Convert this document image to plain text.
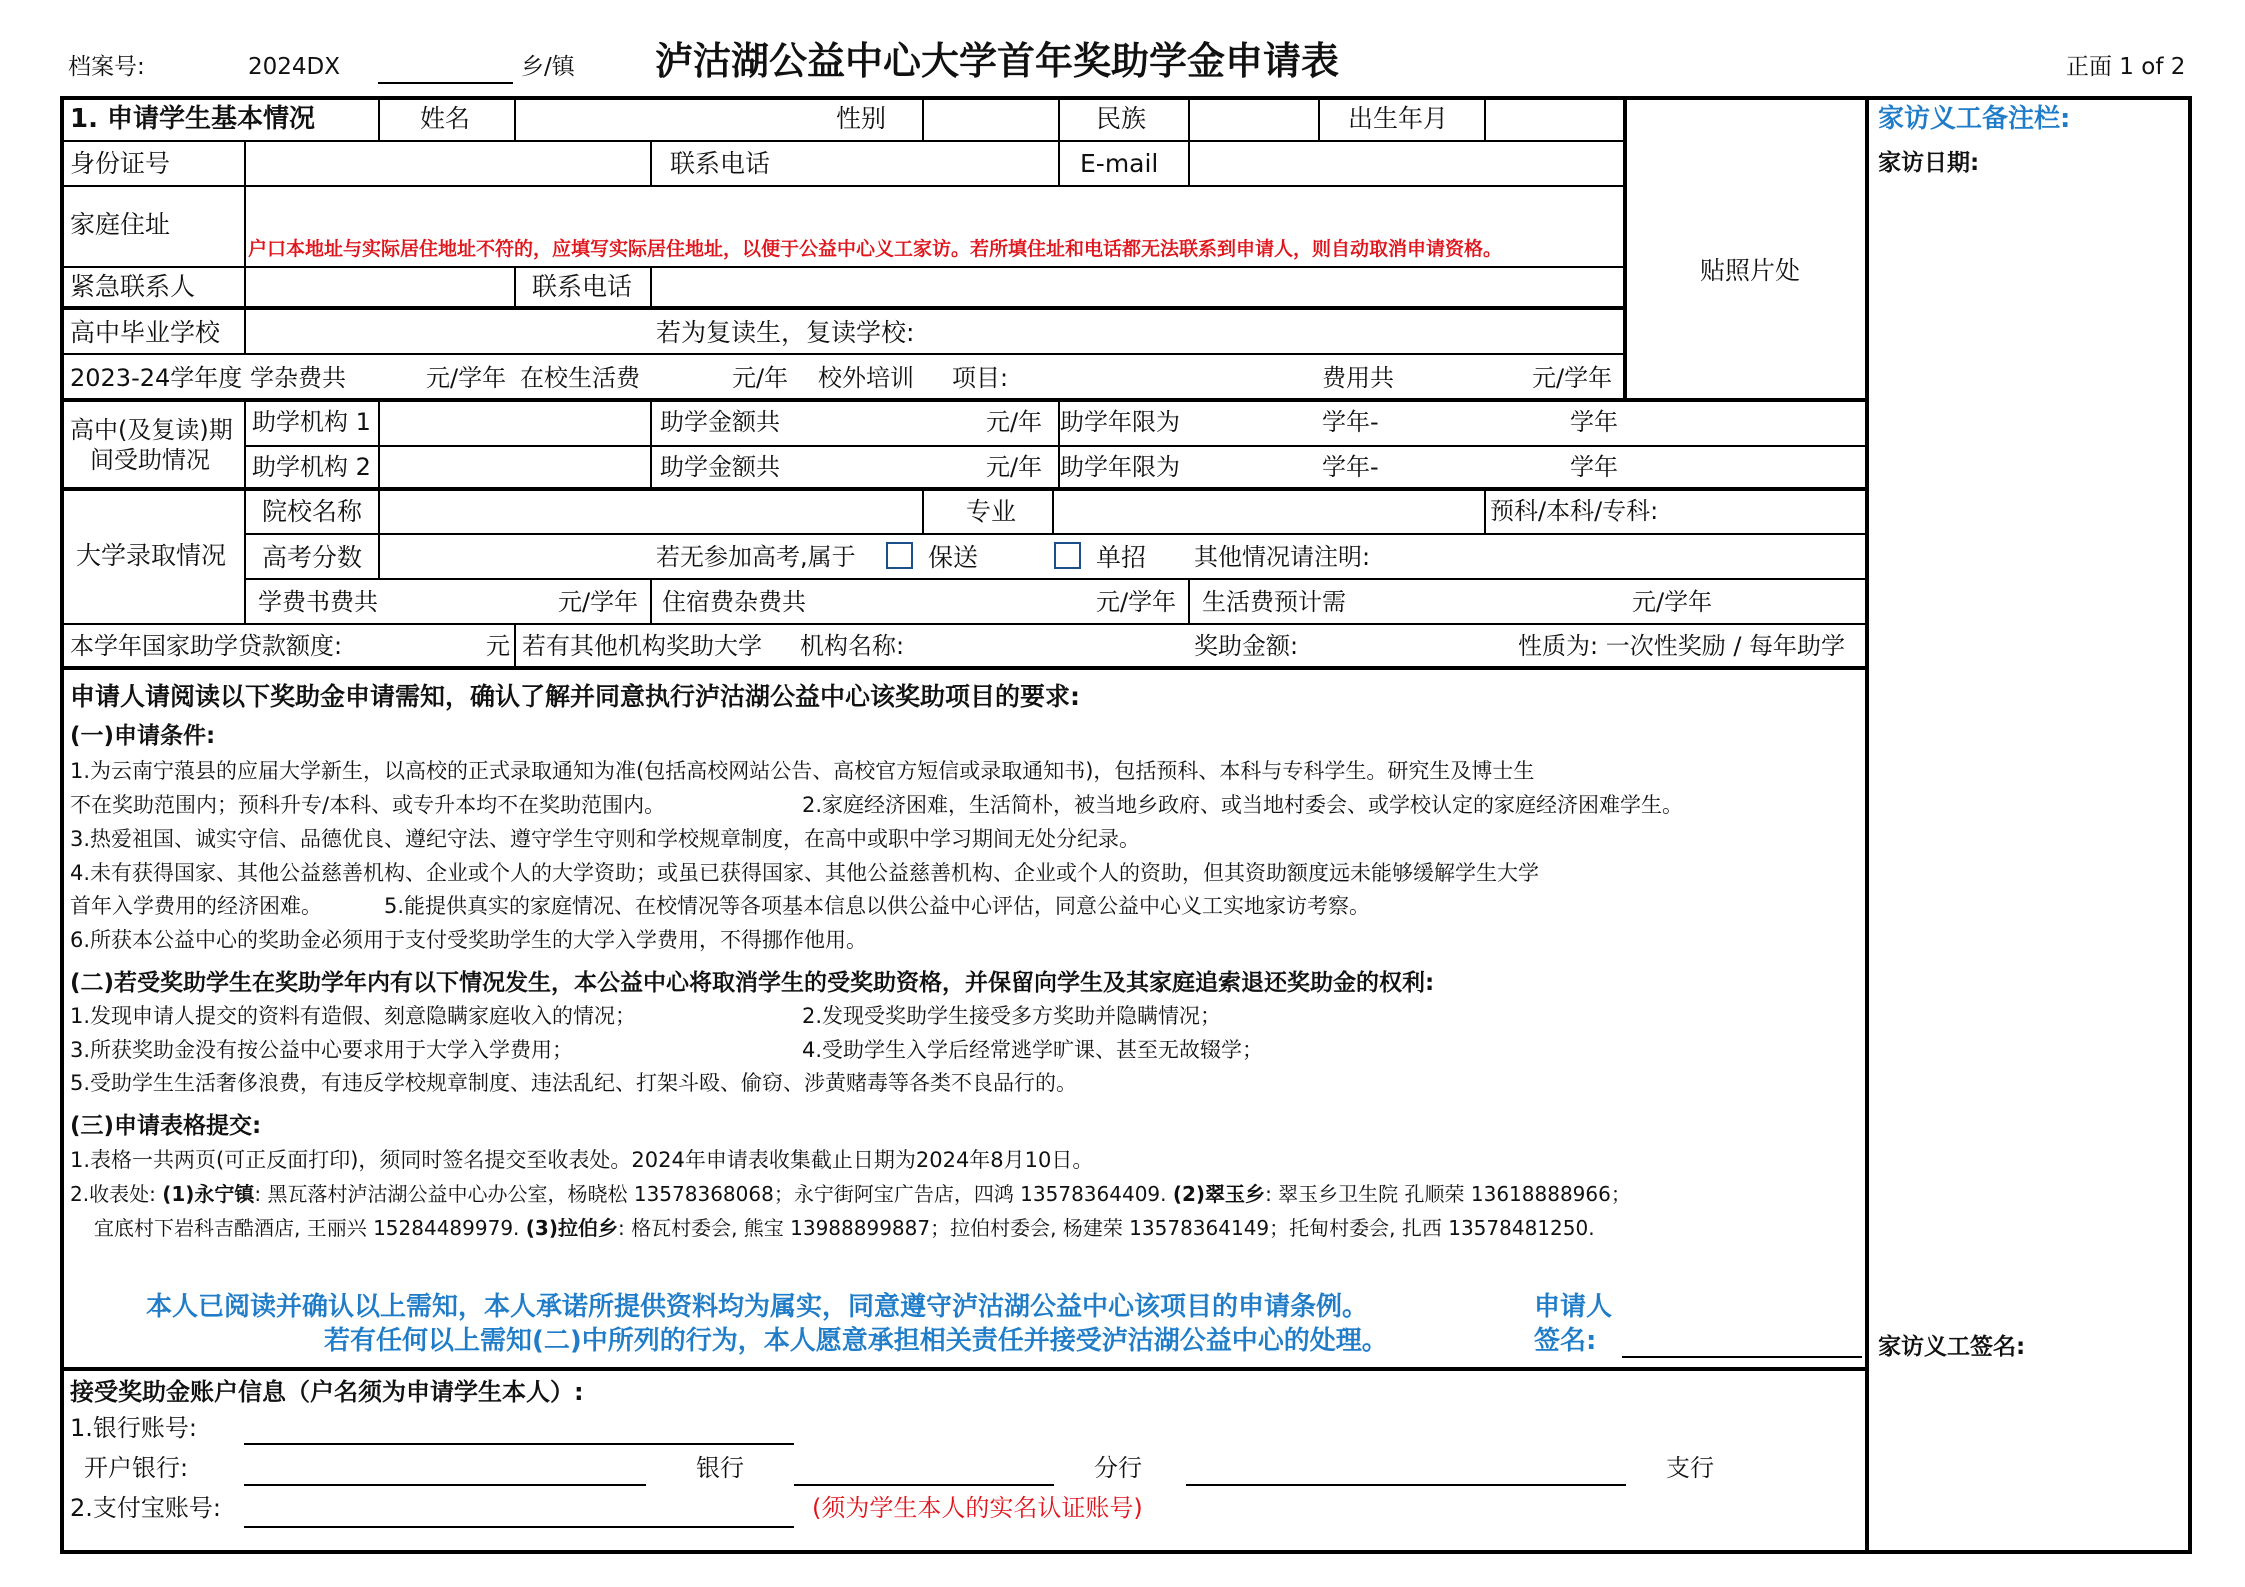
档案号:	2024DX	乡/镇 泸沽湖公益中心大学首年奖助学金申请表	正面 1 of 2
1. 申请学生基本情况	姓名	性别	民族	出生年月
身份证号	联系电话	E-mail
家庭住址
户口本地址与实际居住地址不符的，应填写实际居住地址，以便于公益中心义工家访。若所填住址和电话都无法联系到申请人，则自动取消申请资格。
贴照片处
紧急联系人	联系电话
高中毕业学校	若为复读生，复读学校:
2023-24学年度 学杂费共	元/学年 在校生活费	元/年 校外培训 项目:	费用共	元/学年
高中(及复读)期
间受助情况
助学机构 1	助学金额共	元/年 助学年限为	学年-	学年
助学机构 2	助学金额共	元/年 助学年限为	学年-	学年
大学录取情况
院校名称	专业	预科/本科/专科:
高考分数	若无参加高考,属于	保送	单招 其他情况请注明:
学费书费共	元/学年 住宿费杂费共	元/学年 生活费预计需	元/学年
本学年国家助学贷款额度:	元 若有其他机构奖助大学 机构名称:	奖助金额:	性质为: 一次性奖励 / 每年助学
申请人请阅读以下奖助金申请需知，确认了解并同意执行泸沽湖公益中心该奖助项目的要求:
(一)申请条件:
1.为云南宁蒗县的应届大学新生，以高校的正式录取通知为准(包括高校网站公告、高校官方短信或录取通知书)，包括预科、本科与专科学生。研究生及博士生
不在奖助范围内；预科升专/本科、或专升本均不在奖助范围内。	2.家庭经济困难，生活简朴，被当地乡政府、或当地村委会、或学校认定的家庭经济困难学生。
3.热爱祖国、诚实守信、品德优良、遵纪守法、遵守学生守则和学校规章制度，在高中或职中学习期间无处分纪录。
4.未有获得国家、其他公益慈善机构、企业或个人的大学资助；或虽已获得国家、其他公益慈善机构、企业或个人的资助，但其资助额度远未能够缓解学生大学
首年入学费用的经济困难。	5.能提供真实的家庭情况、在校情况等各项基本信息以供公益中心评估，同意公益中心义工实地家访考察。
6.所获本公益中心的奖助金必须用于支付受奖助学生的大学入学费用，不得挪作他用。
(二)若受奖助学生在奖助学年内有以下情况发生，本公益中心将取消学生的受奖助资格，并保留向学生及其家庭追索退还奖助金的权利:
1.发现申请人提交的资料有造假、刻意隐瞒家庭收入的情况；	2.发现受奖助学生接受多方奖助并隐瞒情况；
3.所获奖助金没有按公益中心要求用于大学入学费用；	4.受助学生入学后经常逃学旷课、甚至无故辍学；
5.受助学生生活奢侈浪费，有违反学校规章制度、违法乱纪、打架斗殴、偷窃、涉黄赌毒等各类不良品行的。
(三)申请表格提交:
1.表格一共两页(可正反面打印)，须同时签名提交至收表处。2024年申请表收集截止日期为2024年8月10日。
2.收表处: (1)永宁镇: 黑瓦落村泸沽湖公益中心办公室，杨晓松 13578368068；永宁街阿宝广告店，四鸿 13578364409. (2)翠玉乡: 翠玉乡卫生院 孔顺荣 13618888966；
宜底村下岩科吉酷酒店, 王丽兴 15284489979. (3)拉伯乡: 格瓦村委会, 熊宝 13988899887；拉伯村委会, 杨建荣 13578364149；托甸村委会, 扎西 13578481250.
本人已阅读并确认以上需知，本人承诺所提供资料均为属实，同意遵守泸沽湖公益中心该项目的申请条例。
若有任何以上需知(二)中所列的行为，本人愿意承担相关责任并接受泸沽湖公益中心的处理。
申请人
签名:
接受奖助金账户信息（户名须为申请学生本人）:
1.银行账号:
开户银行:	银行	分行	支行
2.支付宝账号:	(须为学生本人的实名认证账号)
家访义工备注栏:
家访日期:
家访义工签名:
